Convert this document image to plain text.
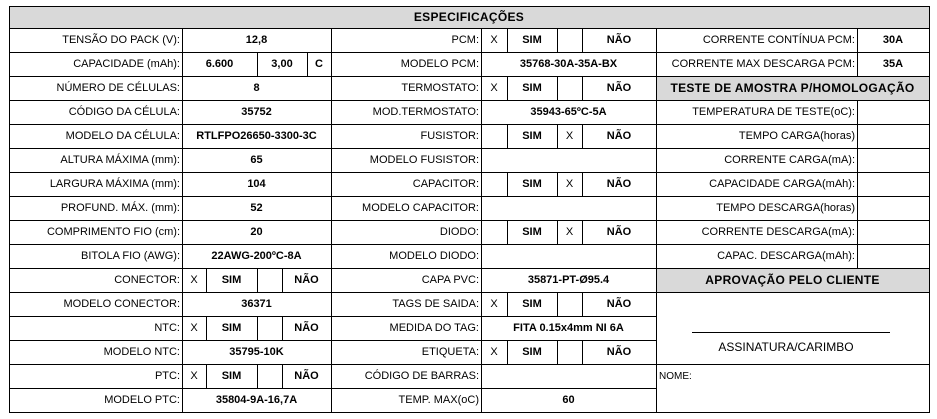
ESPECIFICAÇÕES
TENSÃO DO PACK (V):	12,8
CAPACIDADE (mAh):	6.600	3,00	C
NÚMERO DE CÉLULAS:	8
CÓDIGO DA CÉLULA:	35752
MODELO DA CÉLULA:	RTLFPO26650-3300-3C
ALTURA MÁXIMA (mm):	65
LARGURA MÁXIMA (mm):	104
PROFUND. MÁX. (mm):	52
COMPRIMENTO FIO (cm):	20
BITOLA FIO (AWG):	22AWG-200ºC-8A
CONECTOR: X	SIM	NÃO
MODELO CONECTOR:	36371
NTC: X	SIM	NÃO
MODELO NTC:	35795-10K
PTC: X	SIM	NÃO
MODELO PTC:	35804-9A-16,7A
PCM:	X	SIM	NÃO
MODELO PCM:	35768-30A-35A-BX
TERMOSTATO:	X	SIM	NÃO
MOD.TERMOSTATO:	35943-65ºC-5A
FUSISTOR:	SIM	X	NÃO
MODELO FUSISTOR:
CAPACITOR:	SIM	X	NÃO
MODELO CAPACITOR:
DIODO:	SIM	X	NÃO
MODELO DIODO:
CAPA PVC:	35871-PT-Ø95.4
TAGS DE SAIDA:	X	SIM	NÃO
MEDIDA DO TAG:	FITA 0.15x4mm NI 6A
ETIQUETA:	X	SIM	NÃO
CÓDIGO DE BARRAS:
TEMP. MAX(oC)	60
CORRENTE CONTÍNUA PCM:	30A
CORRENTE MAX DESCARGA PCM:	35A
TESTE DE AMOSTRA P/HOMOLOGAÇÃO
TEMPERATURA DE TESTE(oC):
TEMPO CARGA(horas)
CORRENTE CARGA(mA):
CAPACIDADE CARGA(mAh):
TEMPO DESCARGA(horas)
CORRENTE DESCARGA(mA):
CAPAC. DESCARGA(mAh):
APROVAÇÃO PELO CLIENTE
ASSINATURA/CARIMBO
NOME:
